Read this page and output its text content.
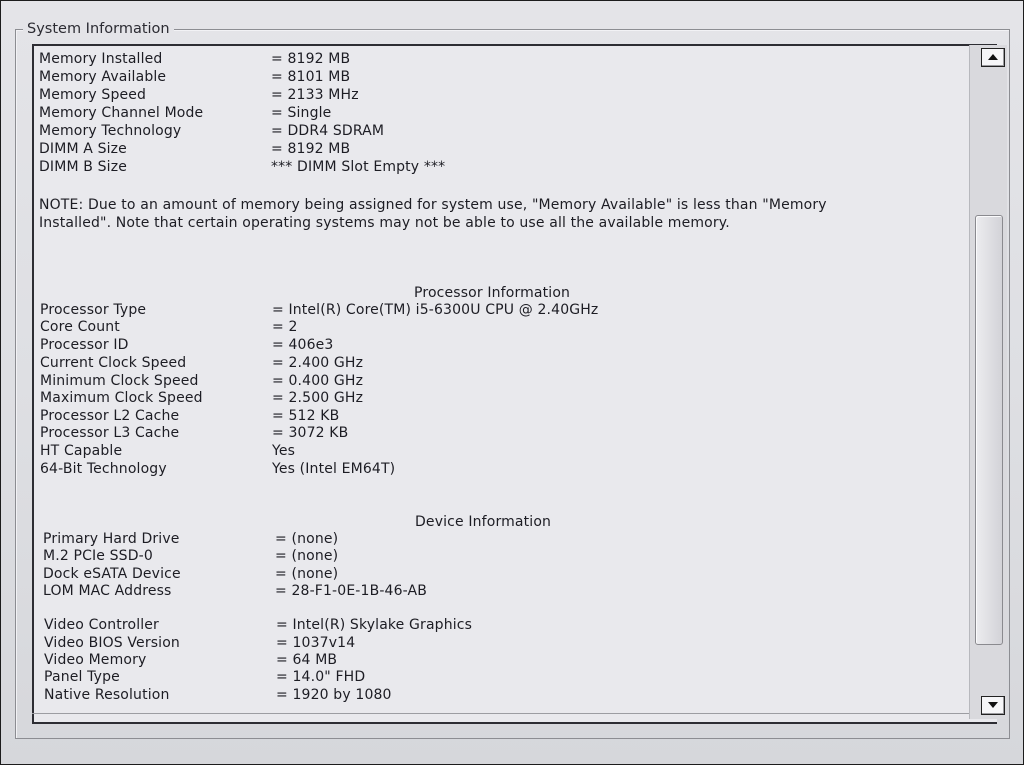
System Information
Memory Installed	= 8192 MB
Memory Available	= 8101 MB
Memory Speed	= 2133 MHz
Memory Channel Mode	= Single
Memory Technology	= DDR4 SDRAM
DIMM A Size	= 8192 MB
DIMM B Size	*** DIMM Slot Empty ***
NOTE: Due to an amount of memory being assigned for system use, "Memory Available" is less than "Memory Installed". Note that certain operating systems may not be able to use all the available memory.
Processor Information
Processor Type	= Intel(R) Core(TM) i5-6300U CPU @ 2.40GHz
Core Count	= 2
Processor ID	= 406e3
Current Clock Speed	= 2.400 GHz
Minimum Clock Speed	= 0.400 GHz
Maximum Clock Speed	= 2.500 GHz
Processor L2 Cache	= 512 KB
Processor L3 Cache	= 3072 KB
HT Capable	Yes
64-Bit Technology	Yes (Intel EM64T)
Device Information
Primary Hard Drive	= (none)
M.2 PCIe SSD-0	= (none)
Dock eSATA Device	= (none)
LOM MAC Address	= 28-F1-0E-1B-46-AB
Video Controller	= Intel(R) Skylake Graphics
Video BIOS Version	= 1037v14
Video Memory	= 64 MB
Panel Type	= 14.0" FHD
Native Resolution	= 1920 by 1080
